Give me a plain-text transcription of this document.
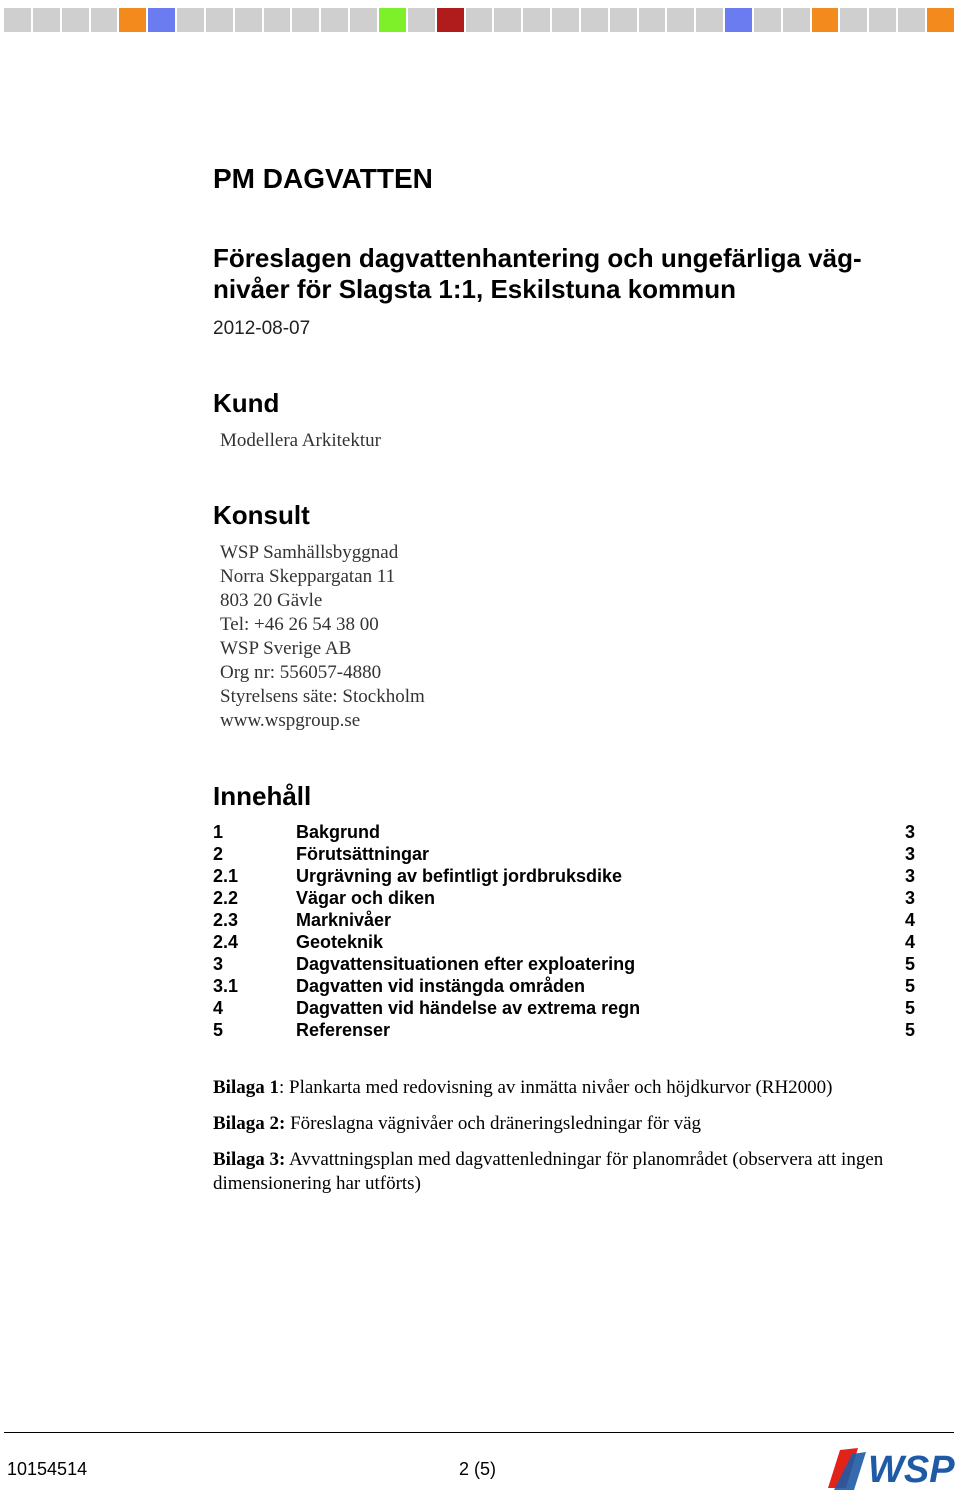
PM DAGVATTEN
Föreslagen dagvattenhantering och ungefärliga väg-nivåer för Slagsta 1:1, Eskilstuna kommun
2012-08-07
Kund
Modellera Arkitektur
Konsult
WSP Samhällsbyggnad
Norra Skeppargatan 11
803 20 Gävle
Tel: +46 26 54 38 00
WSP Sverige AB
Org nr: 556057-4880
Styrelsens säte: Stockholm
www.wspgroup.se
Innehåll
1	Bakgrund	3
2	Förutsättningar	3
2.1	Urgrävning av befintligt jordbruksdike	3
2.2	Vägar och diken	3
2.3	Marknivåer	4
2.4	Geoteknik	4
3	Dagvattensituationen efter exploatering	5
3.1	Dagvatten vid instängda områden	5
4	Dagvatten vid händelse av extrema regn	5
5	Referenser	5

Bilaga 1: Plankarta med redovisning av inmätta nivåer och höjdkurvor (RH2000)

Bilaga 2: Föreslagna vägnivåer och dräneringsledningar för väg

Bilaga 3: Avvattningsplan med dagvattenledningar för planområdet (observera att ingen dimensionering har utförts)

10154514	2 (5)	WSP
